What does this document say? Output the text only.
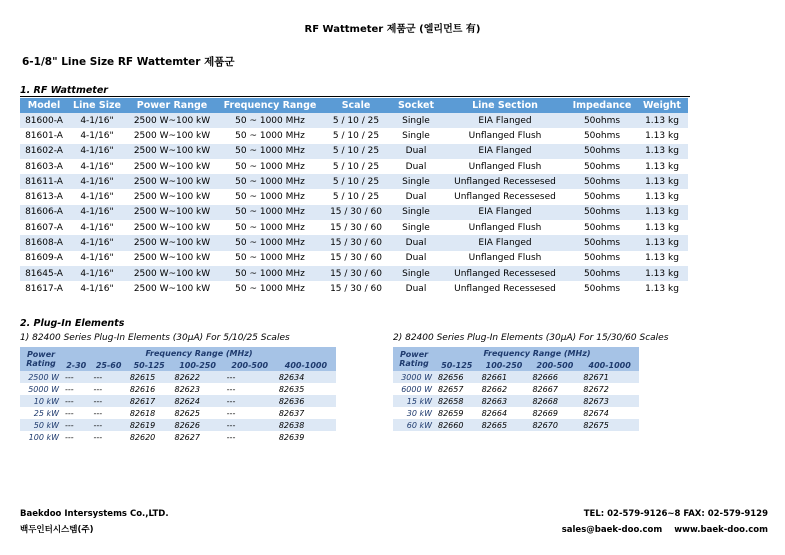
RF Wattmeter 제품군 (엘리먼트 有)
6-1/8" Line Size RF Wattemter 제품군
1. RF Wattmeter
Model	Line Size	Power Range	Frequency Range	Scale	Socket	Line Section	Impedance	Weight
81600-A	4-1/16"	2500 W~100 kW	50 ~ 1000 MHz	5 / 10 / 25	Single	EIA Flanged	50ohms	1.13 kg
81601-A	4-1/16"	2500 W~100 kW	50 ~ 1000 MHz	5 / 10 / 25	Single	Unflanged Flush	50ohms	1.13 kg
81602-A	4-1/16"	2500 W~100 kW	50 ~ 1000 MHz	5 / 10 / 25	Dual	EIA Flanged	50ohms	1.13 kg
81603-A	4-1/16"	2500 W~100 kW	50 ~ 1000 MHz	5 / 10 / 25	Dual	Unflanged Flush	50ohms	1.13 kg
81611-A	4-1/16"	2500 W~100 kW	50 ~ 1000 MHz	5 / 10 / 25	Single	Unflanged Recessesed	50ohms	1.13 kg
81613-A	4-1/16"	2500 W~100 kW	50 ~ 1000 MHz	5 / 10 / 25	Dual	Unflanged Recessesed	50ohms	1.13 kg
81606-A	4-1/16"	2500 W~100 kW	50 ~ 1000 MHz	15 / 30 / 60	Single	EIA Flanged	50ohms	1.13 kg
81607-A	4-1/16"	2500 W~100 kW	50 ~ 1000 MHz	15 / 30 / 60	Single	Unflanged Flush	50ohms	1.13 kg
81608-A	4-1/16"	2500 W~100 kW	50 ~ 1000 MHz	15 / 30 / 60	Dual	EIA Flanged	50ohms	1.13 kg
81609-A	4-1/16"	2500 W~100 kW	50 ~ 1000 MHz	15 / 30 / 60	Dual	Unflanged Flush	50ohms	1.13 kg
81645-A	4-1/16"	2500 W~100 kW	50 ~ 1000 MHz	15 / 30 / 60	Single	Unflanged Recessesed	50ohms	1.13 kg
81617-A	4-1/16"	2500 W~100 kW	50 ~ 1000 MHz	15 / 30 / 60	Dual	Unflanged Recessesed	50ohms	1.13 kg
2. Plug-In Elements
1) 82400 Series Plug-In Elements (30μA) For 5/10/25 Scales
Power Rating	Frequency Range (MHz)					
	2-30	25-60	50-125	100-250	200-500	400-1000
2500 W	---	---	82615	82622	---	82634
5000 W	---	---	82616	82623	---	82635
10 kW	---	---	82617	82624	---	82636
25 kW	---	---	82618	82625	---	82637
50 kW	---	---	82619	82626	---	82638
100 kW	---	---	82620	82627	---	82639
2) 82400 Series Plug-In Elements (30μA) For 15/30/60 Scales
Power Rating	Frequency Range (MHz)			
	50-125	100-250	200-500	400-1000
3000 W	82656	82661	82666	82671
6000 W	82657	82662	82667	82672
15 kW	82658	82663	82668	82673
30 kW	82659	82664	82669	82674
60 kW	82660	82665	82670	82675
Baekdoo Intersystems Co.,LTD.
백두인터시스템(주)
TEL: 02-579-9126~8 FAX: 02-579-9129
sales@baek-doo.com www.baek-doo.com
